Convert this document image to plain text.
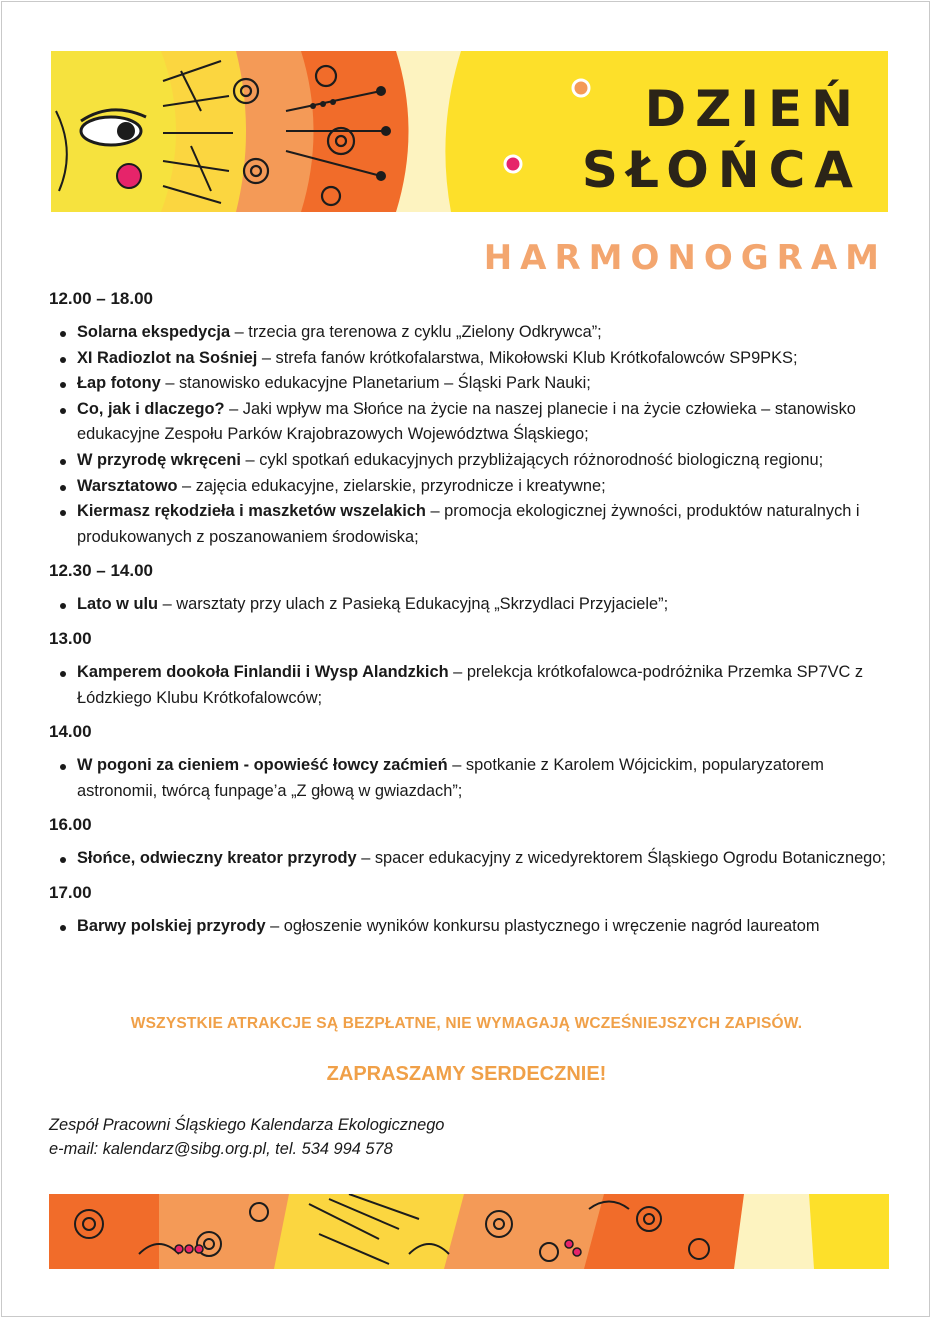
DZIEŃ
SŁOŃCA
HARMONOGRAM

12.00 – 18.00

Solarna ekspedycja – trzecia gra terenowa z cyklu „Zielony Odkrywca”;
XI Radiozlot na Sośniej – strefa fanów krótkofalarstwa, Mikołowski Klub Krótkofalowców SP9PKS;
Łap fotony – stanowisko edukacyjne Planetarium – Śląski Park Nauki;
Co, jak i dlaczego? – Jaki wpływ ma Słońce na życie na naszej planecie i na życie człowieka – stanowisko edukacyjne Zespołu Parków Krajobrazowych Województwa Śląskiego;
W przyrodę wkręceni – cykl spotkań edukacyjnych przybliżających różnorodność biologiczną regionu;
Warsztatowo – zajęcia edukacyjne, zielarskie, przyrodnicze i kreatywne;
Kiermasz rękodzieła i maszketów wszelakich – promocja ekologicznej żywności, produktów naturalnych i produkowanych z poszanowaniem środowiska;

12.30 – 14.00

Lato w ulu – warsztaty przy ulach z Pasieką Edukacyjną „Skrzydlaci Przyjaciele”;

13.00

Kamperem dookoła Finlandii i Wysp Alandzkich – prelekcja krótkofalowca-podróżnika Przemka SP7VC z Łódzkiego Klubu Krótkofalowców;

14.00

W pogoni za cieniem - opowieść łowcy zaćmień – spotkanie z Karolem Wójcickim, popularyzatorem astronomii, twórcą funpage’a „Z głową w gwiazdach”;

16.00

Słońce, odwieczny kreator przyrody – spacer edukacyjny z wicedyrektorem Śląskiego Ogrodu Botanicznego;

17.00

Barwy polskiej przyrody – ogłoszenie wyników konkursu plastycznego i wręczenie nagród laureatom
WSZYSTKIE ATRAKCJE SĄ BEZPŁATNE, NIE WYMAGAJĄ WCZEŚNIEJSZYCH ZAPISÓW.
ZAPRASZAMY SERDECZNIE!
Zespół Pracowni Śląskiego Kalendarza Ekologicznego
e-mail: kalendarz@sibg.org.pl, tel. 534 994 578
